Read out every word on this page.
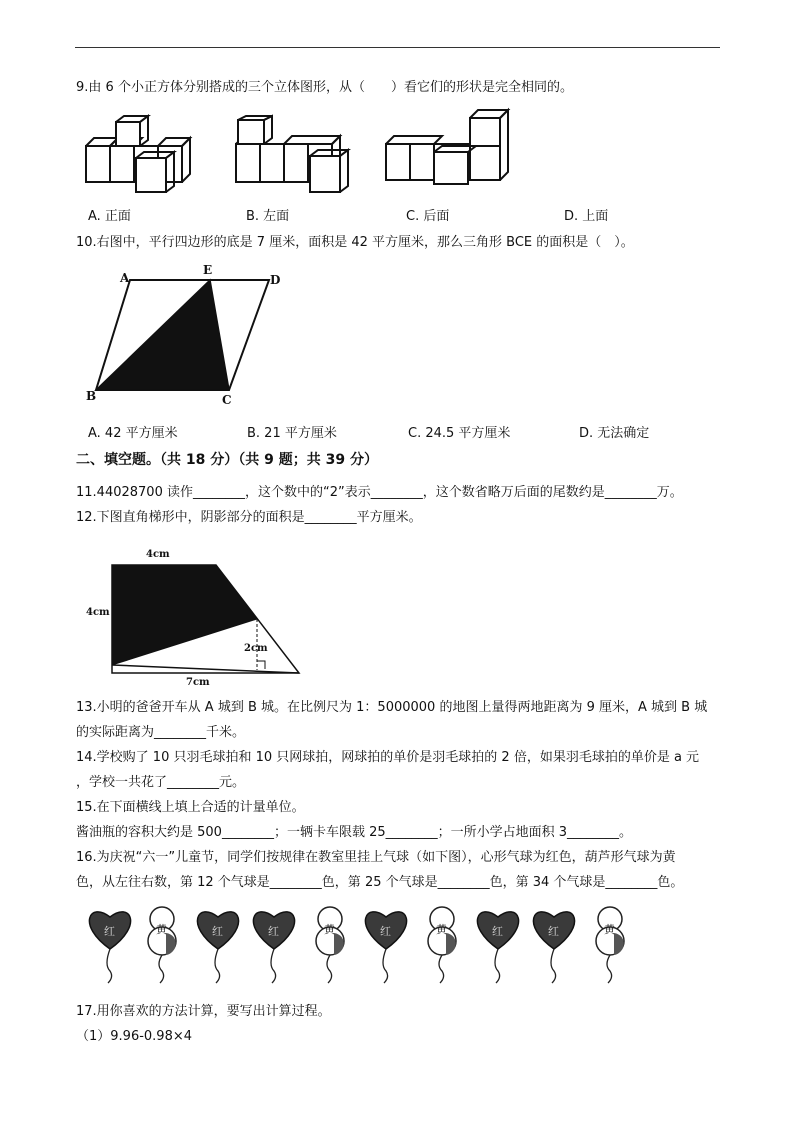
9.由 6 个小正方体分别搭成的三个立体图形，从（　　）看它们的形状是完全相同的。
A. 正面	B. 左面	C. 后面	D. 上面
10.右图中，平行四边形的底是 7 厘米，面积是 42 平方厘米，那么三角形 BCE 的面积是（　）。
A
E
D
B	C
A. 42 平方厘米	B. 21 平方厘米	C. 24.5 平方厘米	D. 无法确定
二、填空题。（共 18 分）（共 9 题；共 39 分）
11.44028700 读作________，这个数中的“2”表示________，这个数省略万后面的尾数约是________万。
12.下图直角梯形中，阴影部分的面积是________平方厘米。
4cm
4cm
2cm
7cm
13.小明的爸爸开车从 A 城到 B 城。在比例尺为 1：5000000 的地图上量得两地距离为 9 厘米，A 城到 B 城
的实际距离为________千米。
14.学校购了 10 只羽毛球拍和 10 只网球拍，网球拍的单价是羽毛球拍的 2 倍，如果羽毛球拍的单价是 a 元
，学校一共花了________元。
15.在下面横线上填上合适的计量单位。
酱油瓶的容积大约是 500________；一辆卡车限载 25________；一所小学占地面积 3________。
16.为庆祝“六一”儿童节，同学们按规律在教室里挂上气球（如下图），心形气球为红色，葫芦形气球为黄
色，从左往右数，第 12 个气球是________色，第 25 个气球是________色，第 34 个气球是________色。
红	黄	红	红	黄	红	黄	红	红	黄
17.用你喜欢的方法计算，要写出计算过程。
（1）9.96-0.98×4
